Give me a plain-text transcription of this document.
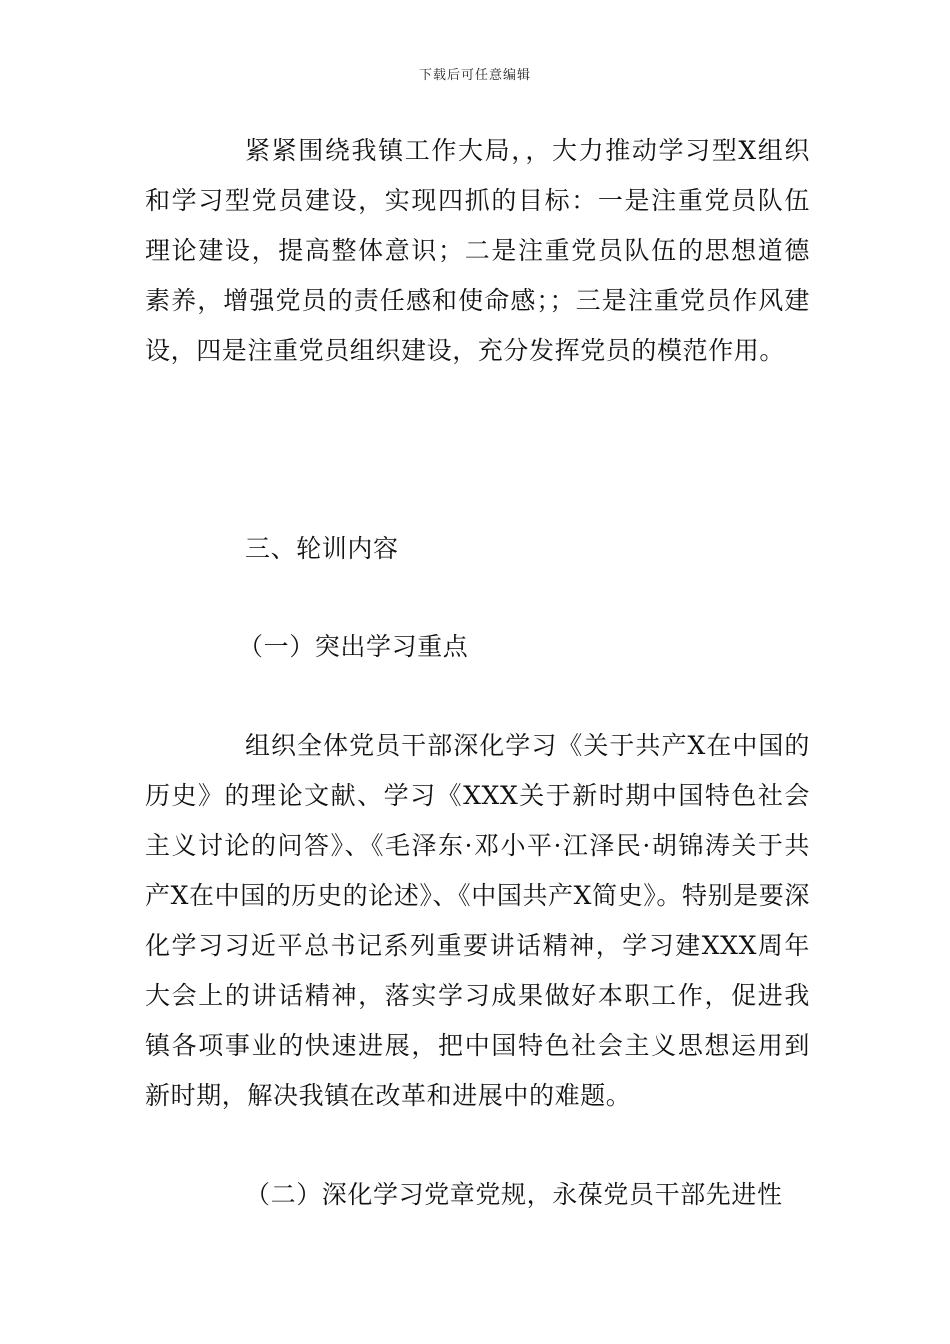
下载后可任意编辑

紧紧围绕我镇工作大局，，大力推动学习型X组织和学习型党员建设，实现四抓的目标：一是注重党员队伍理论建设，提高整体意识；二是注重党员队伍的思想道德素养，增强党员的责任感和使命感；；三是注重党员作风建设，四是注重党员组织建设，充分发挥党员的模范作用。

三、轮训内容

（一）突出学习重点

组织全体党员干部深化学习《关于共产X在中国的历史》的理论文献、学习《XXX关于新时期中国特色社会主义讨论的问答》、《毛泽东·邓小平·江泽民·胡锦涛关于共产X在中国的历史的论述》、《中国共产X简史》。特别是要深化学习习近平总书记系列重要讲话精神，学习建XXX周年大会上的讲话精神，落实学习成果做好本职工作，促进我镇各项事业的快速进展，把中国特色社会主义思想运用到新时期，解决我镇在改革和进展中的难题。

（二）深化学习党章党规，永葆党员干部先进性
